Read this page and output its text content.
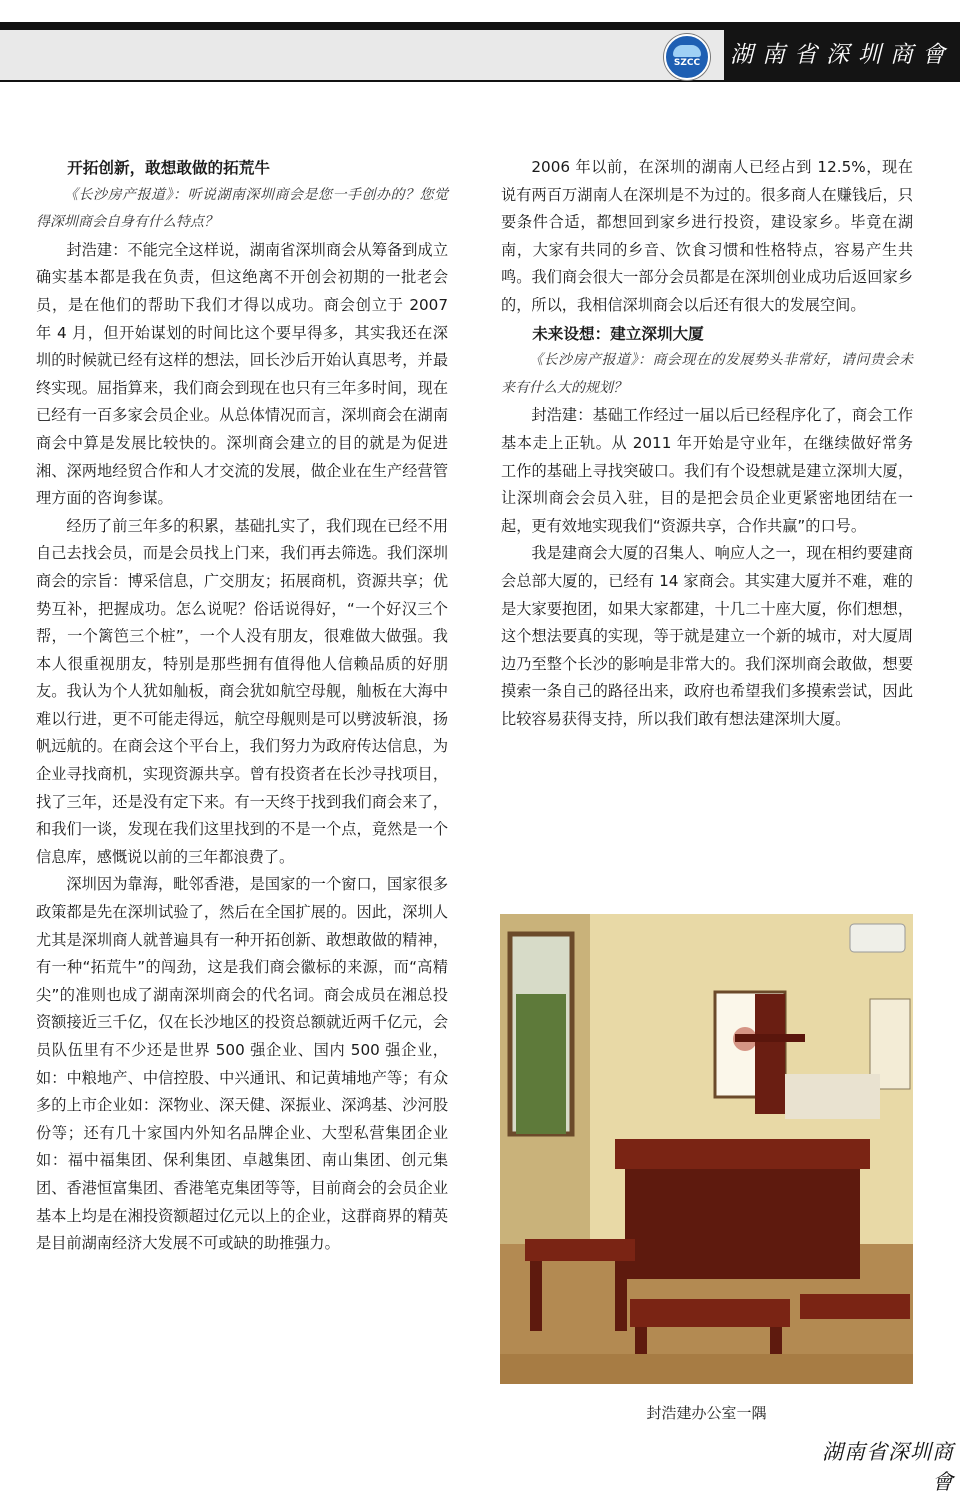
SZCC	湖南省深圳商會

开拓创新，敢想敢做的拓荒牛

《长沙房产报道》：听说湖南深圳商会是您一手创办的？您觉得深圳商会自身有什么特点？

封浩建：不能完全这样说，湖南省深圳商会从筹备到成立确实基本都是我在负责，但这绝离不开创会初期的一批老会员，是在他们的帮助下我们才得以成功。商会创立于 2007 年 4 月，但开始谋划的时间比这个要早得多，其实我还在深圳的时候就已经有这样的想法，回长沙后开始认真思考，并最终实现。屈指算来，我们商会到现在也只有三年多时间，现在已经有一百多家会员企业。从总体情况而言，深圳商会在湖南商会中算是发展比较快的。深圳商会建立的目的就是为促进湘、深两地经贸合作和人才交流的发展，做企业在生产经营管理方面的咨询参谋。

经历了前三年多的积累，基础扎实了，我们现在已经不用自己去找会员，而是会员找上门来，我们再去筛选。我们深圳商会的宗旨：博采信息，广交朋友；拓展商机，资源共享；优势互补，把握成功。怎么说呢？俗话说得好，“一个好汉三个帮，一个篱笆三个桩”，一个人没有朋友，很难做大做强。我本人很重视朋友，特别是那些拥有值得他人信赖品质的好朋友。我认为个人犹如舢板，商会犹如航空母舰，舢板在大海中难以行进，更不可能走得远，航空母舰则是可以劈波斩浪，扬帆远航的。在商会这个平台上，我们努力为政府传达信息，为企业寻找商机，实现资源共享。曾有投资者在长沙寻找项目，找了三年，还是没有定下来。有一天终于找到我们商会来了，和我们一谈，发现在我们这里找到的不是一个点，竟然是一个信息库，感慨说以前的三年都浪费了。

深圳因为靠海，毗邻香港，是国家的一个窗口，国家很多政策都是先在深圳试验了，然后在全国扩展的。因此，深圳人尤其是深圳商人就普遍具有一种开拓创新、敢想敢做的精神，有一种“拓荒牛”的闯劲，这是我们商会徽标的来源，而“高精尖”的准则也成了湖南深圳商会的代名词。商会成员在湘总投资额接近三千亿，仅在长沙地区的投资总额就近两千亿元，会员队伍里有不少还是世界 500 强企业、国内 500 强企业，如：中粮地产、中信控股、中兴通讯、和记黄埔地产等；有众多的上市企业如：深物业、深天健、深振业、深鸿基、沙河股份等；还有几十家国内外知名品牌企业、大型私营集团企业如：福中福集团、保利集团、卓越集团、南山集团、创元集团、香港恒富集团、香港笔克集团等等，目前商会的会员企业基本上均是在湘投资额超过亿元以上的企业，这群商界的精英是目前湖南经济大发展不可或缺的助推强力。

2006 年以前，在深圳的湖南人已经占到 12.5%，现在说有两百万湖南人在深圳是不为过的。很多商人在赚钱后，只要条件合适，都想回到家乡进行投资，建设家乡。毕竟在湖南，大家有共同的乡音、饮食习惯和性格特点，容易产生共鸣。我们商会很大一部分会员都是在深圳创业成功后返回家乡的，所以，我相信深圳商会以后还有很大的发展空间。

未来设想：建立深圳大厦

《长沙房产报道》：商会现在的发展势头非常好，请问贵会未来有什么大的规划？

封浩建：基础工作经过一届以后已经程序化了，商会工作基本走上正轨。从 2011 年开始是守业年，在继续做好常务工作的基础上寻找突破口。我们有个设想就是建立深圳大厦，让深圳商会会员入驻，目的是把会员企业更紧密地团结在一起，更有效地实现我们“资源共享，合作共赢”的口号。

我是建商会大厦的召集人、响应人之一，现在相约要建商会总部大厦的，已经有 14 家商会。其实建大厦并不难，难的是大家要抱团，如果大家都建，十几二十座大厦，你们想想，这个想法要真的实现，等于就是建立一个新的城市，对大厦周边乃至整个长沙的影响是非常大的。我们深圳商会敢做，想要摸索一条自己的路径出来，政府也希望我们多摸索尝试，因此比较容易获得支持，所以我们敢有想法建深圳大厦。

封浩建办公室一隅
湖南省深圳商會
